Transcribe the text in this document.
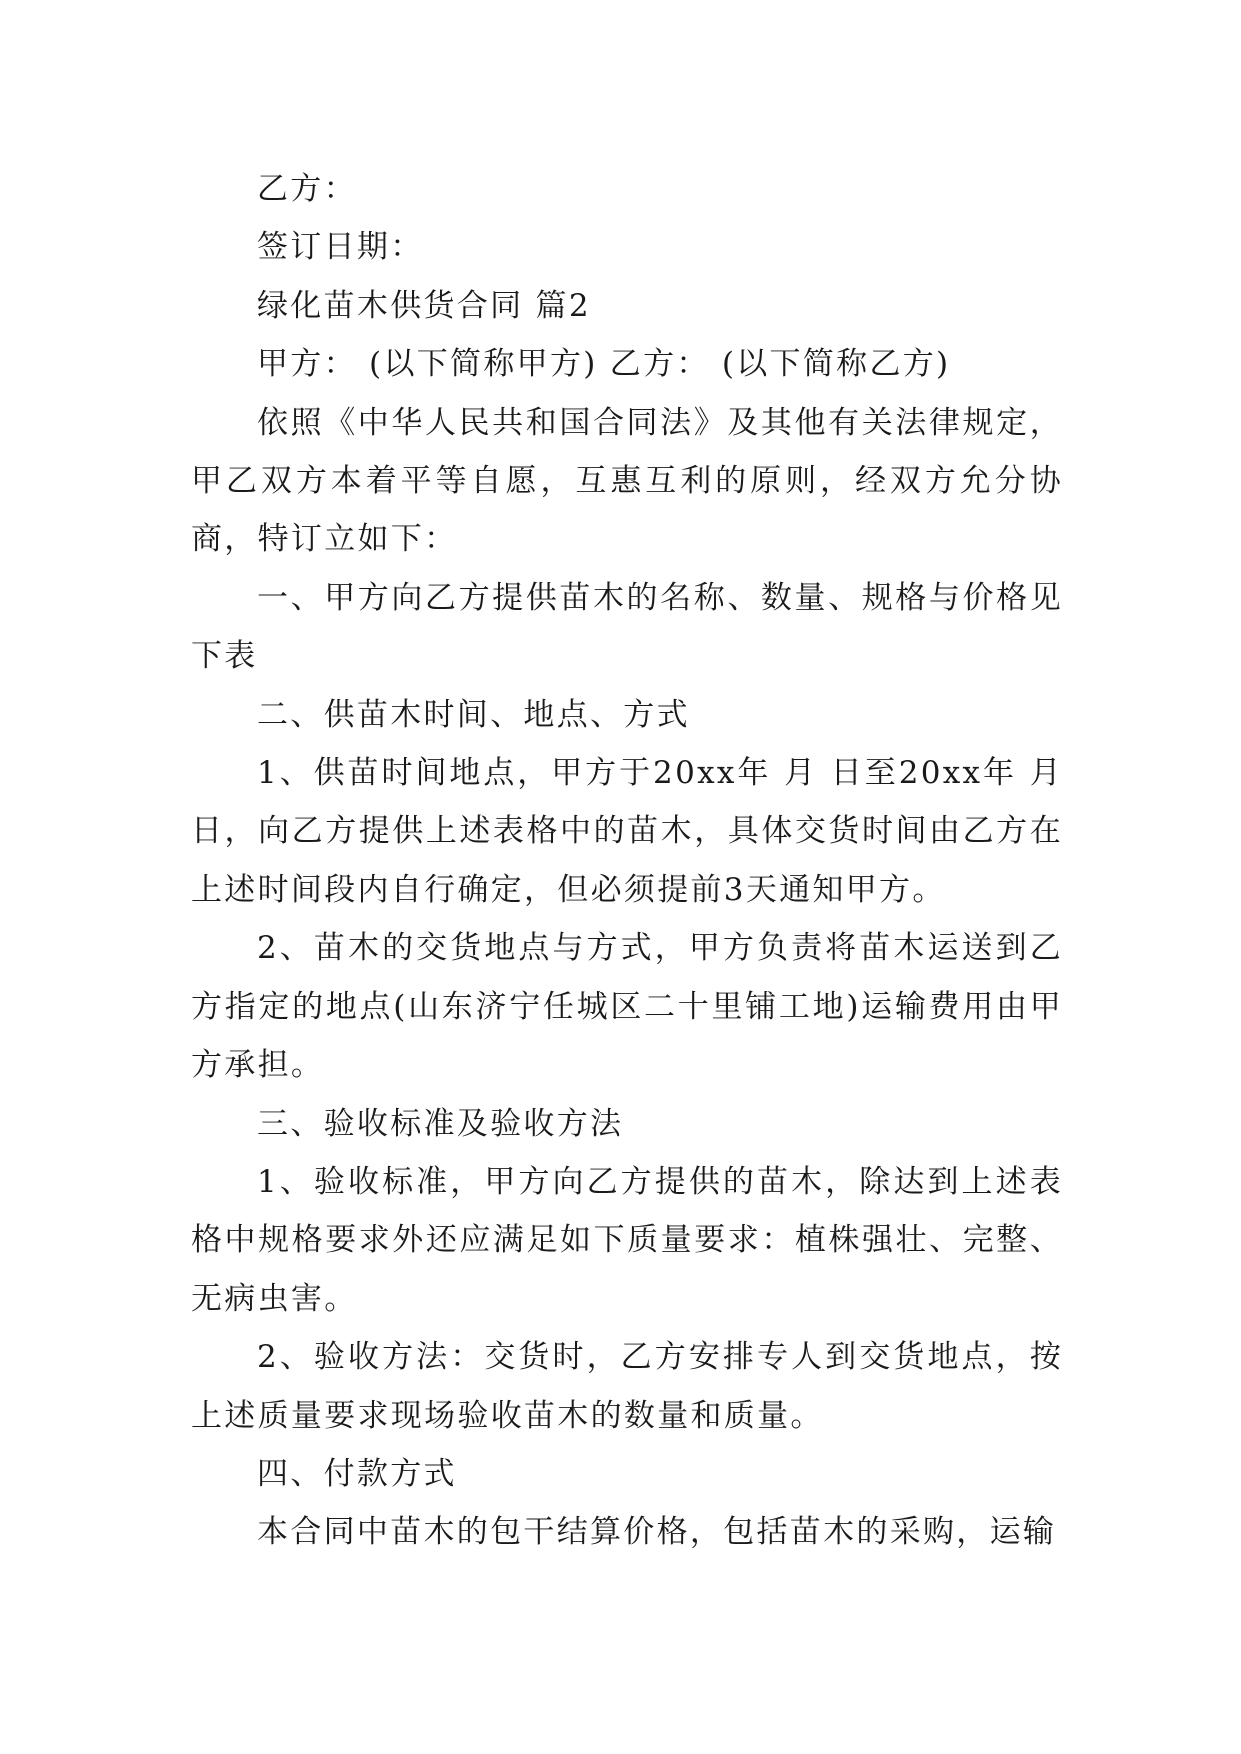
乙方：

签订日期：

绿化苗木供货合同 篇2

甲方： (以下简称甲方) 乙方： (以下简称乙方)

依照《中华人民共和国合同法》及其他有关法律规定，甲乙双方本着平等自愿，互惠互利的原则，经双方允分协商，特订立如下：

一、甲方向乙方提供苗木的名称、数量、规格与价格见下表

二、供苗木时间、地点、方式

1、供苗时间地点，甲方于20xx年 月 日至20xx年 月 日，向乙方提供上述表格中的苗木，具体交货时间由乙方在上述时间段内自行确定，但必须提前3天通知甲方。

2、苗木的交货地点与方式，甲方负责将苗木运送到乙方指定的地点(山东济宁任城区二十里铺工地)运输费用由甲方承担。

三、验收标准及验收方法

1、验收标准，甲方向乙方提供的苗木，除达到上述表格中规格要求外还应满足如下质量要求：植株强壮、完整、无病虫害。

2、验收方法：交货时，乙方安排专人到交货地点，按上述质量要求现场验收苗木的数量和质量。

四、付款方式

本合同中苗木的包干结算价格，包括苗木的采购，运输
